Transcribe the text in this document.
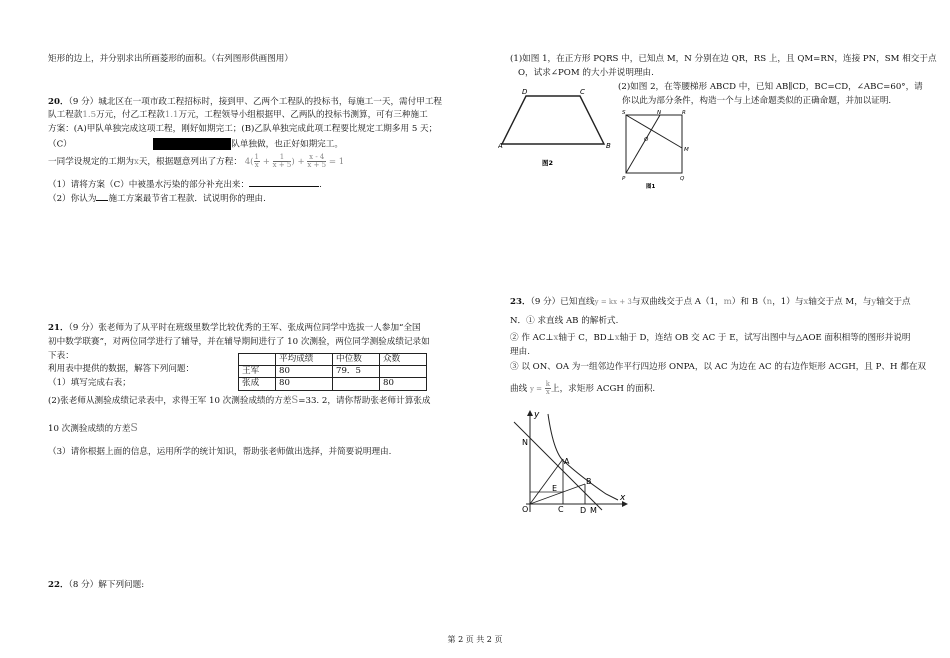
矩形的边上，并分别求出所画菱形的面积。（右列图形供画图用）
20．（9 分）城北区在一项市政工程招标时，接到甲、乙两个工程队的投标书，每施工一天，需付甲工程
队工程款1.5万元，付乙工程款1.1万元，工程领导小组根据甲、乙两队的投标书测算，可有三种施工
方案：(A)甲队单独完成这项工程，刚好如期完工；(B)乙队单独完成此项工程要比规定工期多用 5 天；
（C）	队单独做，也正好如期完工。
一同学设规定的工期为x天，根据题意列出了方程： $4( \frac{1}{x} + \frac{1}{x + 5}$ ) + $\frac{x - 4}{x + 5} = 1$
（1）请将方案（C）中被墨水污染的部分补充出来：	.
（2）你认为 施工方案最节省工程款．试说明你的理由.
21．（9 分）张老师为了从平时在班级里数学比较优秀的王军、张成两位同学中选拔一人参加“全国
初中数学联赛”，对两位同学进行了辅导，并在辅导期间进行了 10 次测验，两位同学测验成绩记录如
下表：
利用表中提供的数据，解答下列问题：
（1）填写完成右表；
	平均成绩	中位数	众数
王军	80	79．5	
张成	80		80
(2)张老师从测验成绩记录表中，求得王军 10 次测验成绩的方差S=33. 2，请你帮助张老师计算张成
10 次测验成绩的方差S
（3）请你根据上面的信息，运用所学的统计知识，帮助张老师做出选择，并简要说明理由.
22．（8 分）解下列问题:
(1)如图 1，在正方形 PQRS 中，已知点 M，N 分别在边 QR，RS 上，且 QM=RN，连接 PN，SM 相交于点
O，试求∠POM 的大小并说明理由.
(2)如图 2，在等腰梯形 ABCD 中，已知 AB∥CD，BC=CD，∠ABC=60°，请
你以此为部分条件，构造一个与上述命题类似的正确命题，并加以证明.
D	C
A	B
图2
S	N	R
O
M
P	Q
图1
23．（9 分）已知直线y = kx + 3与双曲线交于点 A（1，m）和 B（n，1）与x轴交于点 M，与y轴交于点
N．① 求直线 AB 的解析式.
② 作 AC⊥x轴于 C，BD⊥x轴于 D，连结 OB 交 AC 于 E，试写出图中与△AOE 面积相等的图形并说明
理由.
③ 以 ON、OA 为一组邻边作平行四边形 ONPA，以 AC 为边在 AC 的右边作矩形 ACGH，且 P、H 都在双
曲线 $y = \frac{k}{x}$ 上，求矩形 ACGH 的面积.
y
N
A
B
E
O	C D M
x
第 2 页 共 2 页
